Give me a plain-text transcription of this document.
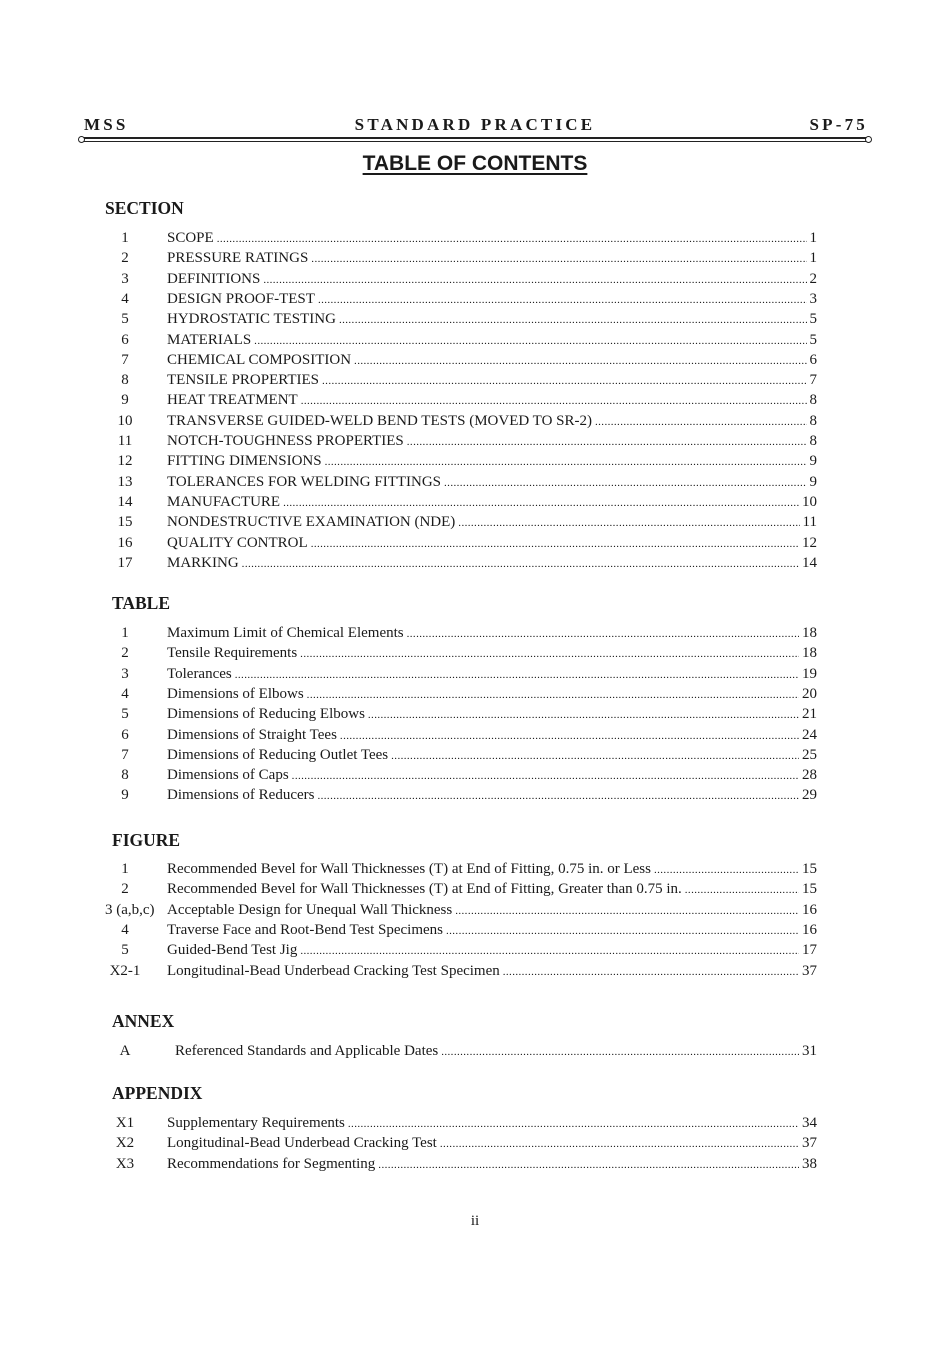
MSS	STANDARD PRACTICE	SP-75
TABLE OF CONTENTS
SECTION
1	SCOPE .....	1
2	PRESSURE RATINGS .....	1
3	DEFINITIONS .....	2
4	DESIGN PROOF-TEST .....	3
5	HYDROSTATIC TESTING .....	5
6	MATERIALS .....	5
7	CHEMICAL COMPOSITION .....	6
8	TENSILE PROPERTIES .....	7
9	HEAT TREATMENT .....	8
10	TRANSVERSE GUIDED-WELD BEND TESTS (MOVED TO SR-2) .....	8
11	NOTCH-TOUGHNESS PROPERTIES .....	8
12	FITTING DIMENSIONS .....	9
13	TOLERANCES FOR WELDING FITTINGS .....	9
14	MANUFACTURE .....	10
15	NONDESTRUCTIVE EXAMINATION (NDE) .....	11
16	QUALITY CONTROL .....	12
17	MARKING .....	14
TABLE
1	Maximum Limit of Chemical Elements .....	18
2	Tensile Requirements .....	18
3	Tolerances .....	19
4	Dimensions of Elbows .....	20
5	Dimensions of Reducing Elbows .....	21
6	Dimensions of Straight Tees .....	24
7	Dimensions of Reducing Outlet Tees .....	25
8	Dimensions of Caps .....	28
9	Dimensions of Reducers .....	29
FIGURE
1	Recommended Bevel for Wall Thicknesses (T) at End of Fitting, 0.75 in. or Less .....	15
2	Recommended Bevel for Wall Thicknesses (T) at End of Fitting, Greater than 0.75 in. .....	15
3 (a,b,c) Acceptable Design for Unequal Wall Thickness .....	16
4	Traverse Face and Root-Bend Test Specimens .....	16
5	Guided-Bend Test Jig .....	17
X2-1	Longitudinal-Bead Underbead Cracking Test Specimen .....	37
ANNEX
A	Referenced Standards and Applicable Dates .....	31
APPENDIX
X1	Supplementary Requirements .....	34
X2	Longitudinal-Bead Underbead Cracking Test .....	37
X3	Recommendations for Segmenting .....	38
ii
